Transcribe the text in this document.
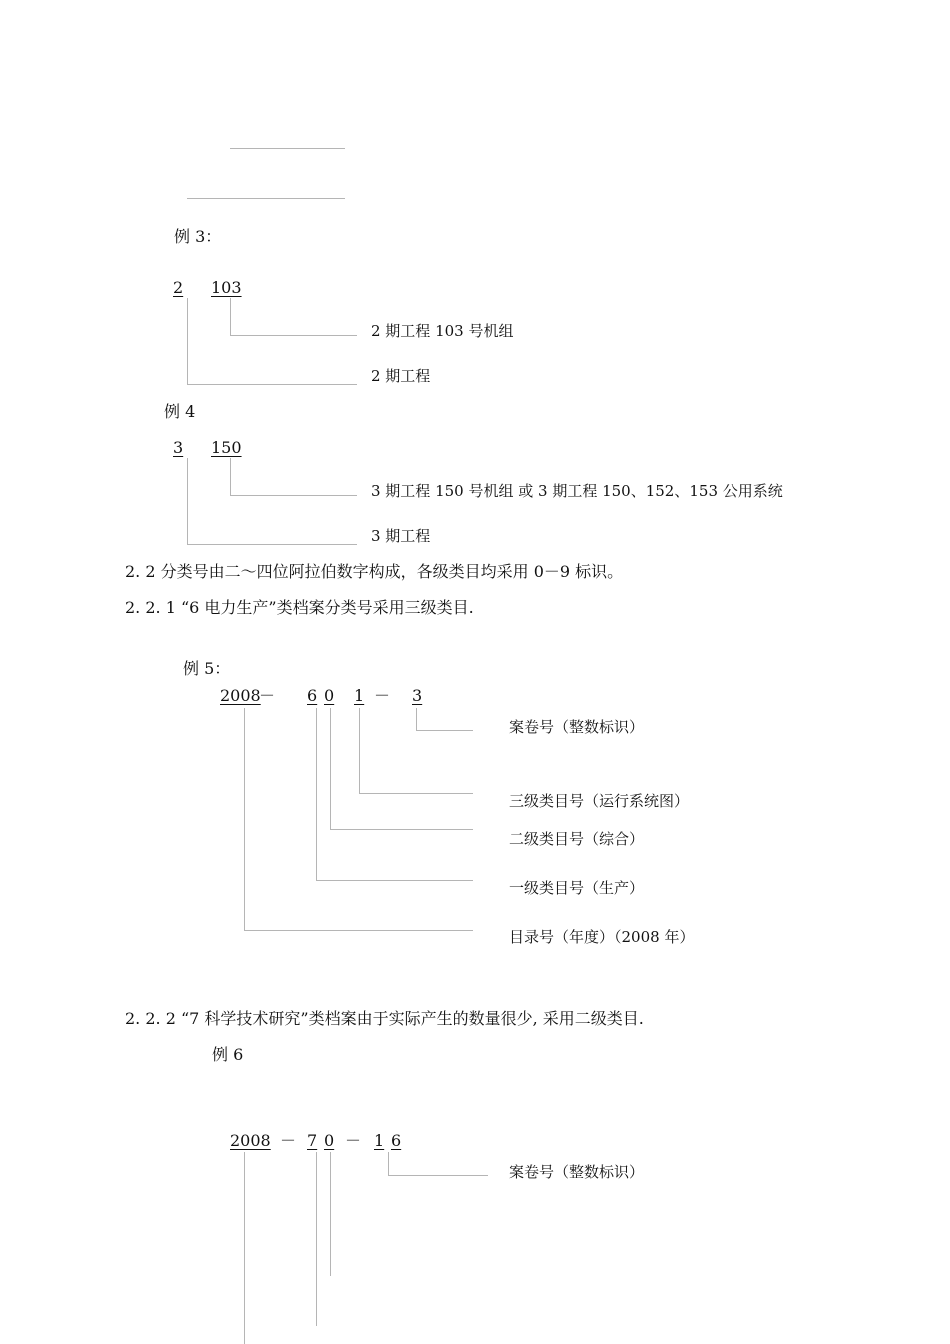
例 3：
2	103
2 期工程 103 号机组
2 期工程
例 4
3	150
3 期工程 150 号机组 或 3 期工程 150、152、153 公用系统
3 期工程
2. 2 分类号由二～四位阿拉伯数字构成，各级类目均采用 0－9 标识。
2. 2. 1 “6 电力生产”类档案分类号采用三级类目.
例 5：
2008
－ 6 0	1 －	3
案卷号（整数标识）
三级类目号（运行系统图）
二级类目号（综合）
一级类目号（生产）
目录号（年度）（2008 年）
2. 2. 2 “7 科学技术研究”类档案由于实际产生的数量很少, 采用二级类目.
例 6
2008 － 7 0 － 1 6
案卷号（整数标识）
